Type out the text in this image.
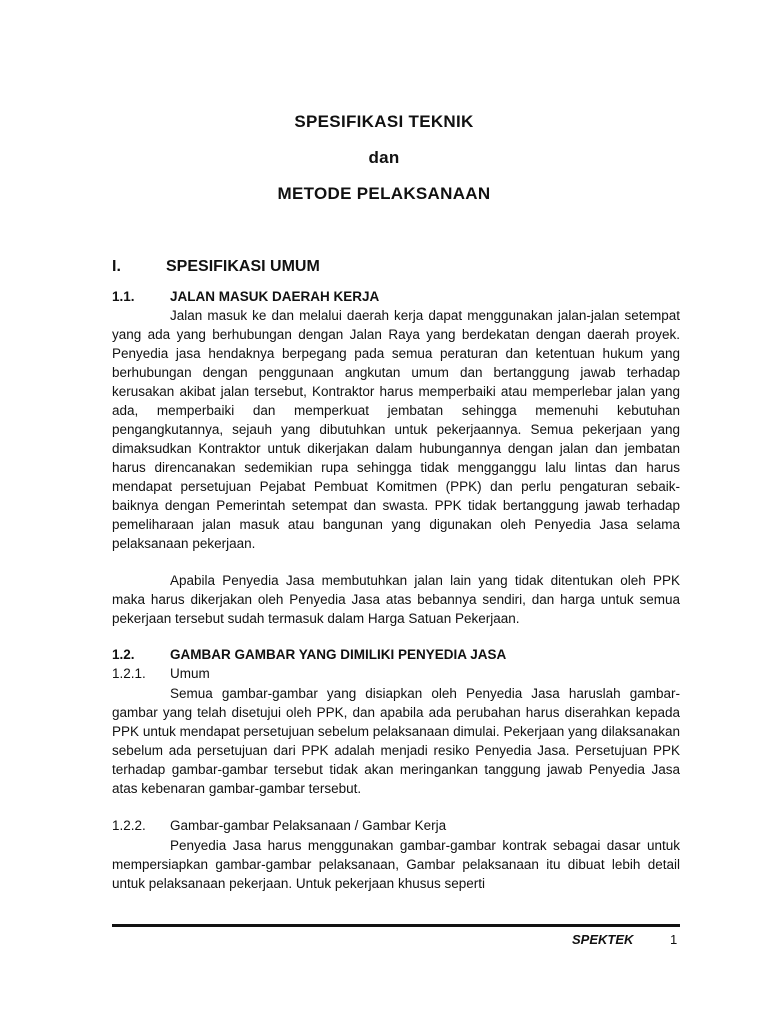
SPESIFIKASI TEKNIK
dan
METODE PELAKSANAAN
I.	SPESIFIKASI UMUM
1.1.	JALAN MASUK DAERAH KERJA

Jalan masuk ke dan melalui daerah kerja dapat menggunakan jalan-jalan setempat yang ada yang berhubungan dengan Jalan Raya yang berdekatan dengan daerah proyek. Penyedia jasa hendaknya berpegang pada semua peraturan dan ketentuan hukum yang berhubungan dengan penggunaan angkutan umum dan bertanggung jawab terhadap kerusakan akibat jalan tersebut, Kontraktor harus memperbaiki atau memperlebar jalan yang ada, memperbaiki dan memperkuat jembatan sehingga memenuhi kebutuhan pengangkutannya, sejauh yang dibutuhkan untuk pekerjaannya. Semua pekerjaan yang dimaksudkan Kontraktor untuk dikerjakan dalam hubungannya dengan jalan dan jembatan harus direncanakan sedemikian rupa sehingga tidak mengganggu lalu lintas dan harus mendapat persetujuan Pejabat Pembuat Komitmen (PPK) dan perlu pengaturan sebaik-baiknya dengan Pemerintah setempat dan swasta. PPK tidak bertanggung jawab terhadap pemeliharaan jalan masuk atau bangunan yang digunakan oleh Penyedia Jasa selama pelaksanaan pekerjaan.

Apabila Penyedia Jasa membutuhkan jalan lain yang tidak ditentukan oleh PPK maka harus dikerjakan oleh Penyedia Jasa atas bebannya sendiri, dan harga untuk semua pekerjaan tersebut sudah termasuk dalam Harga Satuan Pekerjaan.

1.2.	GAMBAR GAMBAR YANG DIMILIKI PENYEDIA JASA
1.2.1. Umum

Semua gambar-gambar yang disiapkan oleh Penyedia Jasa haruslah gambar-gambar yang telah disetujui oleh PPK, dan apabila ada perubahan harus diserahkan kepada PPK untuk mendapat persetujuan sebelum pelaksanaan dimulai. Pekerjaan yang dilaksanakan sebelum ada persetujuan dari PPK adalah menjadi resiko Penyedia Jasa. Persetujuan PPK terhadap gambar-gambar tersebut tidak akan meringankan tanggung jawab Penyedia Jasa atas kebenaran gambar-gambar tersebut.

1.2.2. Gambar-gambar Pelaksanaan / Gambar Kerja

Penyedia Jasa harus menggunakan gambar-gambar kontrak sebagai dasar untuk mempersiapkan gambar-gambar pelaksanaan, Gambar pelaksanaan itu dibuat lebih detail untuk pelaksanaan pekerjaan. Untuk pekerjaan khusus seperti

SPEKTEK	1
